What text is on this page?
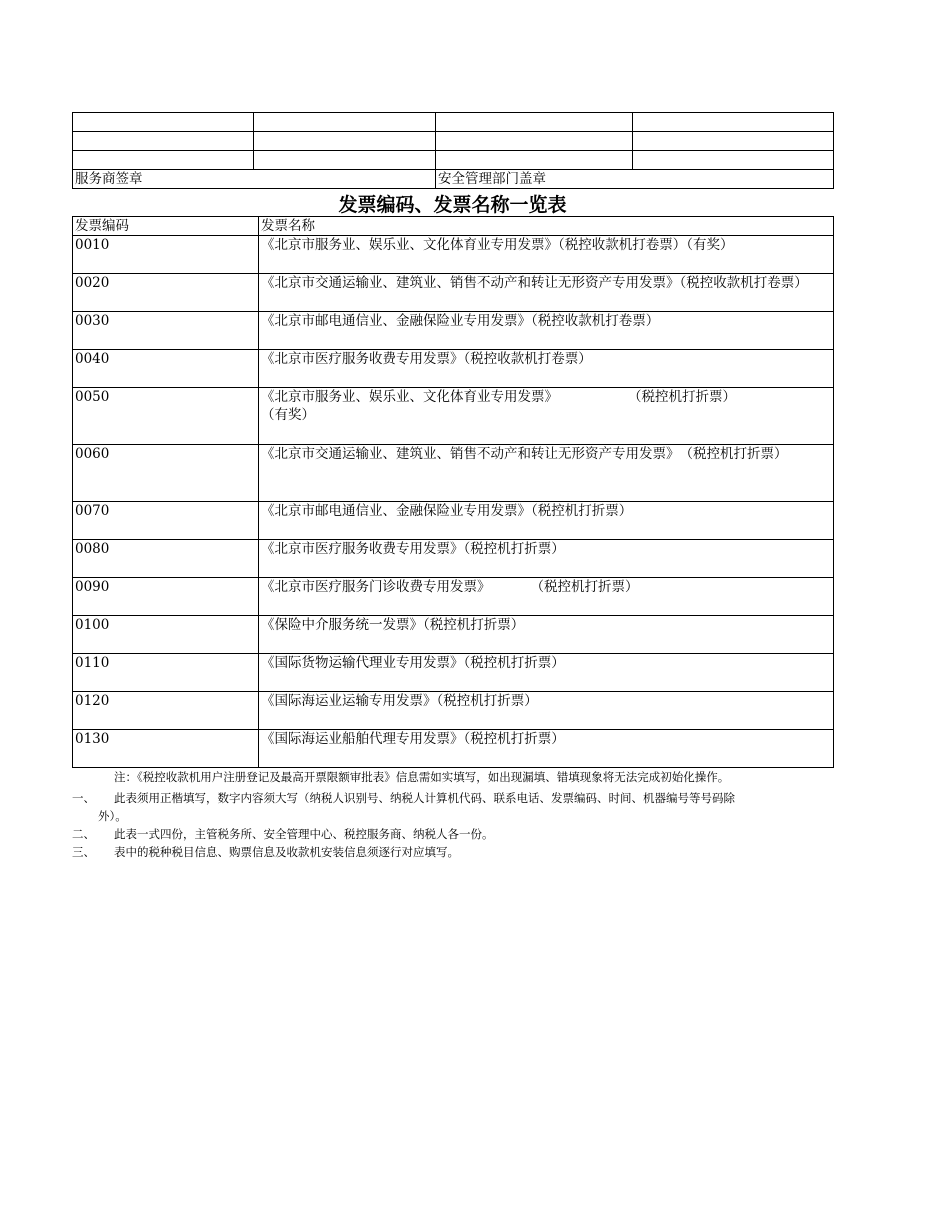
服务商签章		安全管理部门盖章	
发票编码、发票名称一览表
发票编码	发票名称
0010	《北京市服务业、娱乐业、文化体育业专用发票》（税控收款机打卷票）（有奖）
0020	《北京市交通运输业、建筑业、销售不动产和转让无形资产专用发票》（税控收款机打卷票）
0030	《北京市邮电通信业、金融保险业专用发票》（税控收款机打卷票）
0040	《北京市医疗服务收费专用发票》（税控收款机打卷票）
0050	《北京市服务业、娱乐业、文化体育业专用发票》 （税控机打折票）
（有奖）
0060	《北京市交通运输业、建筑业、销售不动产和转让无形资产专用发票》　（税控机打折票）
0070	《北京市邮电通信业、金融保险业专用发票》（税控机打折票）
0080	《北京市医疗服务收费专用发票》（税控机打折票）
0090	《北京市医疗服务门诊收费专用发票》 （税控机打折票）
0100	《保险中介服务统一发票》（税控机打折票）
0110	《国际货物运输代理业专用发票》（税控机打折票）
0120	《国际海运业运输专用发票》（税控机打折票）
0130	《国际海运业船舶代理专用发票》（税控机打折票）
注：《税控收款机用户注册登记及最高开票限额审批表》信息需如实填写，如出现漏填、错填现象将无法完成初始化操作。
一、 此表须用正楷填写，数字内容须大写（纳税人识别号、纳税人计算机代码、联系电话、发票编码、时间、机器编号等号码除
外）。
二、 此表一式四份，主管税务所、安全管理中心、税控服务商、纳税人各一份。
三、 表中的税种税目信息、购票信息及收款机安装信息须逐行对应填写。
